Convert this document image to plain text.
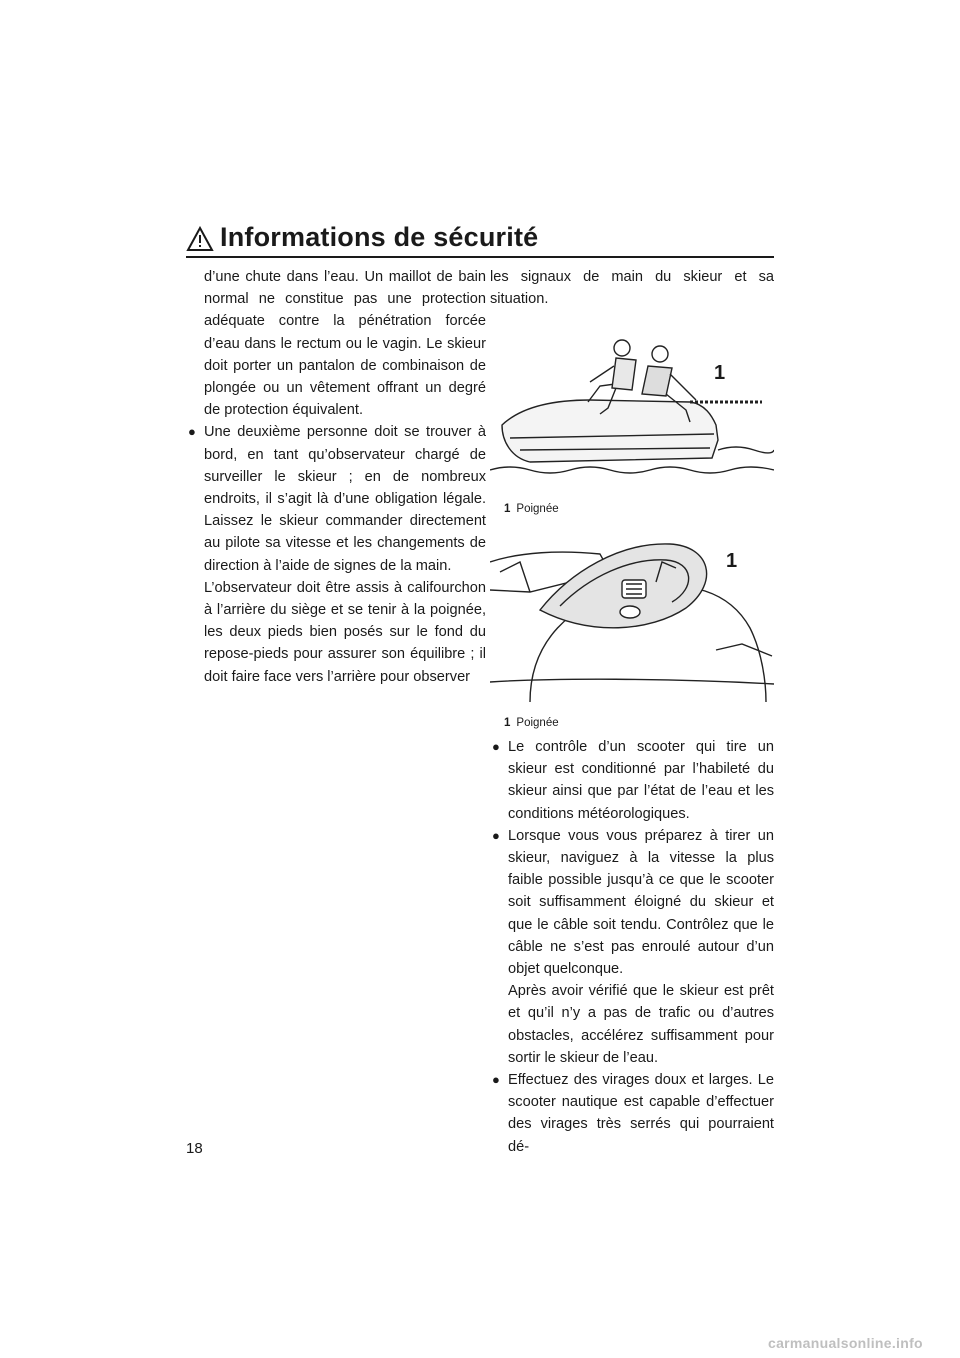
Informations de sécurité

d’une chute dans l’eau. Un maillot de bain normal ne constitue pas une protection adéquate contre la pénétration forcée d’eau dans le rectum ou le vagin. Le skieur doit porter un pantalon de combinaison de plongée ou un vêtement offrant un degré de protection équivalent.

● Une deuxième personne doit se trouver à bord, en tant qu’observateur chargé de surveiller le skieur ; en de nombreux endroits, il s’agit là d’une obligation légale. Laissez le skieur commander directement au pilote sa vitesse et les changements de direction à l’aide de signes de la main.

L’observateur doit être assis à califourchon à l’arrière du siège et se tenir à la poignée, les deux pieds bien posés sur le fond du repose-pieds pour assurer son équilibre ; il doit faire face vers l’arrière pour observer

les signaux de main du skieur et sa situation.

1
1 Poignée
1
1 Poignée
● Le contrôle d’un scooter qui tire un skieur est conditionné par l’habileté du skieur ainsi que par l’état de l’eau et les conditions météorologiques.

● Lorsque vous vous préparez à tirer un skieur, naviguez à la vitesse la plus faible possible jusqu’à ce que le scooter soit suffisamment éloigné du skieur et que le câble soit tendu. Contrôlez que le câble ne s’est pas enroulé autour d’un objet quelconque.

Après avoir vérifié que le skieur est prêt et qu’il n’y a pas de trafic ou d’autres obstacles, accélérez suffisamment pour sortir le skieur de l’eau.

● Effectuez des virages doux et larges. Le scooter nautique est capable d’effectuer des virages très serrés qui pourraient dé-

18
carmanualsonline.info
